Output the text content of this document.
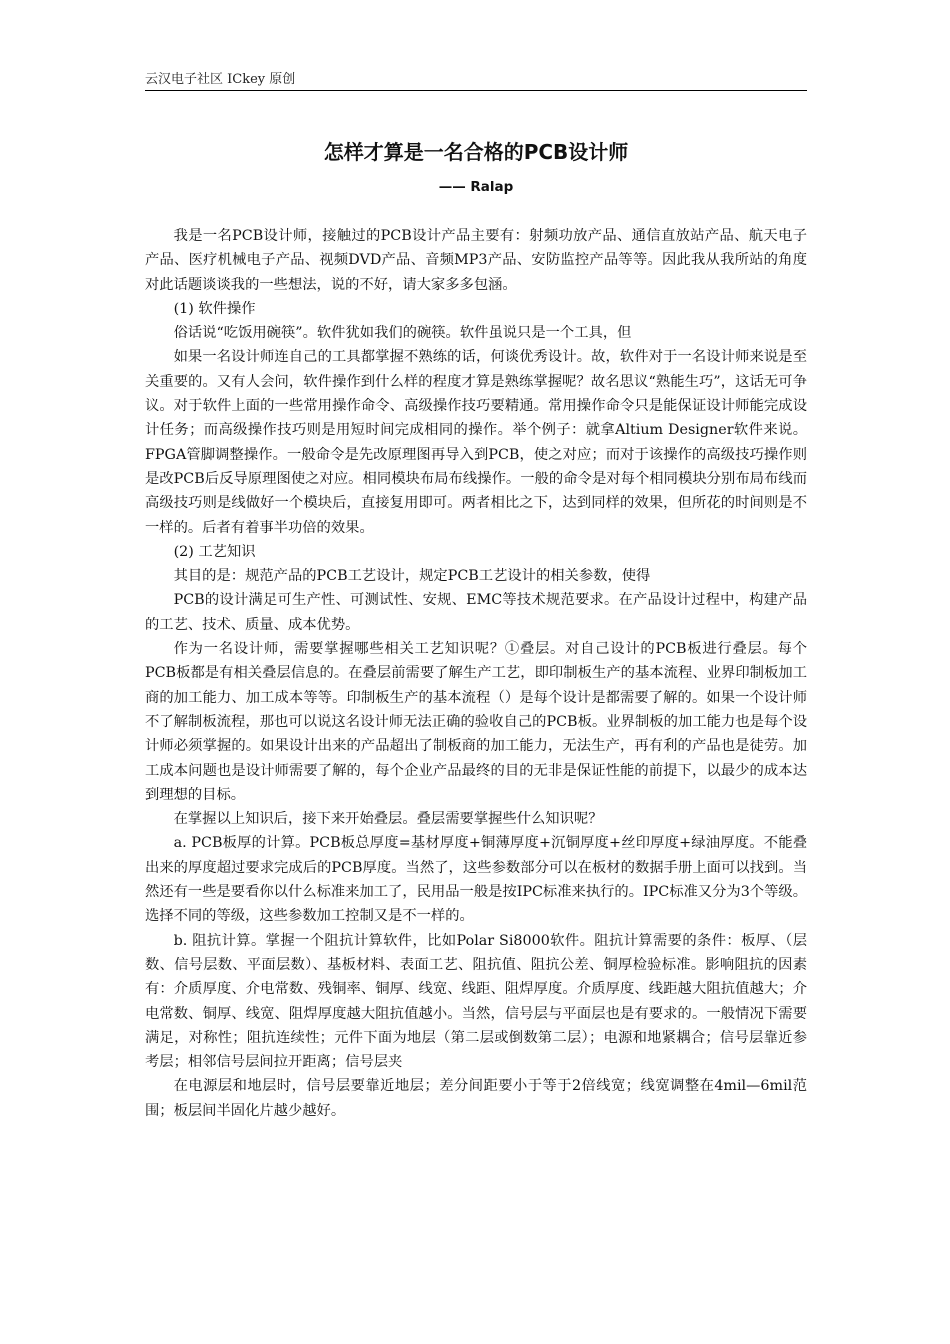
云汉电子社区 ICkey 原创
怎样才算是一名合格的PCB设计师
—— Ralap

我是一名PCB设计师，接触过的PCB设计产品主要有：射频功放产品、通信直放站产品、航天电子产品、医疗机械电子产品、视频DVD产品、音频MP3产品、安防监控产品等等。因此我从我所站的角度对此话题谈谈我的一些想法，说的不好，请大家多多包涵。

(1) 软件操作

俗话说“吃饭用碗筷”。软件犹如我们的碗筷。软件虽说只是一个工具，但

如果一名设计师连自己的工具都掌握不熟练的话，何谈优秀设计。故，软件对于一名设计师来说是至关重要的。又有人会问，软件操作到什么样的程度才算是熟练掌握呢？故名思议“熟能生巧”，这话无可争议。对于软件上面的一些常用操作命令、高级操作技巧要精通。常用操作命令只是能保证设计师能完成设计任务；而高级操作技巧则是用短时间完成相同的操作。举个例子：就拿Altium Designer软件来说。FPGA管脚调整操作。一般命令是先改原理图再导入到PCB，使之对应；而对于该操作的高级技巧操作则是改PCB后反导原理图使之对应。相同模块布局布线操作。一般的命令是对每个相同模块分别布局布线而高级技巧则是线做好一个模块后，直接复用即可。两者相比之下，达到同样的效果，但所花的时间则是不一样的。后者有着事半功倍的效果。

(2) 工艺知识

其目的是：规范产品的PCB工艺设计，规定PCB工艺设计的相关参数，使得

PCB的设计满足可生产性、可测试性、安规、EMC等技术规范要求。在产品设计过程中，构建产品的工艺、技术、质量、成本优势。

作为一名设计师，需要掌握哪些相关工艺知识呢？①叠层。对自己设计的PCB板进行叠层。每个PCB板都是有相关叠层信息的。在叠层前需要了解生产工艺，即印制板生产的基本流程、业界印制板加工商的加工能力、加工成本等等。印制板生产的基本流程（）是每个设计是都需要了解的。如果一个设计师不了解制板流程，那也可以说这名设计师无法正确的验收自己的PCB板。业界制板的加工能力也是每个设计师必须掌握的。如果设计出来的产品超出了制板商的加工能力，无法生产，再有利的产品也是徒劳。加工成本问题也是设计师需要了解的，每个企业产品最终的目的无非是保证性能的前提下，以最少的成本达到理想的目标。

在掌握以上知识后，接下来开始叠层。叠层需要掌握些什么知识呢？

a. PCB板厚的计算。PCB板总厚度=基材厚度+铜薄厚度+沉铜厚度+丝印厚度+绿油厚度。不能叠出来的厚度超过要求完成后的PCB厚度。当然了，这些参数部分可以在板材的数据手册上面可以找到。当然还有一些是要看你以什么标准来加工了，民用品一般是按IPC标准来执行的。IPC标准又分为3个等级。选择不同的等级，这些参数加工控制又是不一样的。

b. 阻抗计算。掌握一个阻抗计算软件，比如Polar Si8000软件。阻抗计算需要的条件：板厚、（层数、信号层数、平面层数）、基板材料、表面工艺、阻抗值、阻抗公差、铜厚检验标准。影响阻抗的因素有：介质厚度、介电常数、残铜率、铜厚、线宽、线距、阻焊厚度。介质厚度、线距越大阻抗值越大；介电常数、铜厚、线宽、阻焊厚度越大阻抗值越小。当然，信号层与平面层也是有要求的。一般情况下需要满足，对称性；阻抗连续性；元件下面为地层（第二层或倒数第二层）；电源和地紧耦合；信号层靠近参考层；相邻信号层间拉开距离；信号层夹

在电源层和地层时，信号层要靠近地层；差分间距要小于等于2倍线宽；线宽调整在4mil—6mil范围；板层间半固化片越少越好。
